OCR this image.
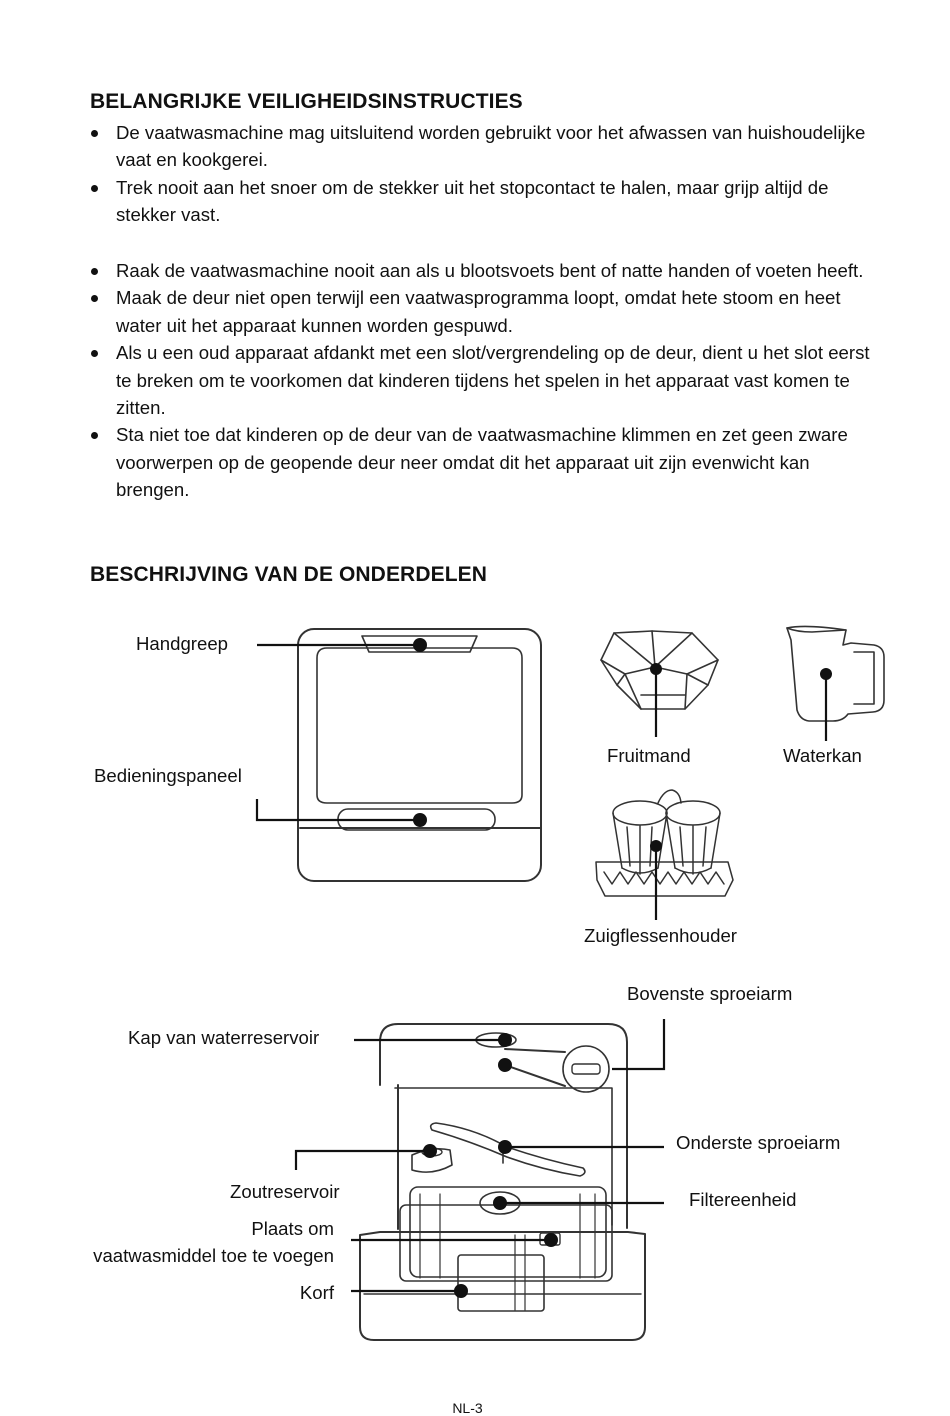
BELANGRIJKE VEILIGHEIDSINSTRUCTIES
De vaatwasmachine mag uitsluitend worden gebruikt voor het afwassen van huishoudelijke vaat en kookgerei.
Trek nooit aan het snoer om de stekker uit het stopcontact te halen, maar grijp altijd de stekker vast.
Raak de vaatwasmachine nooit aan als u blootsvoets bent of natte handen of voeten heeft.
Maak de deur niet open terwijl een vaatwasprogramma loopt, omdat hete stoom en heet water uit het apparaat kunnen worden gespuwd.
Als u een oud apparaat afdankt met een slot/vergrendeling op de deur, dient u het slot eerst te breken om te voorkomen dat kinderen tijdens het spelen in het apparaat vast komen te zitten.
Sta niet toe dat kinderen op de deur van de vaatwasmachine klimmen en zet geen zware voorwerpen op de geopende deur neer omdat dit het apparaat uit zijn evenwicht kan brengen.
BESCHRIJVING VAN DE ONDERDELEN
Handgreep
Bedieningspaneel
Fruitmand	Waterkan
Zuigflessenhouder
Bovenste sproeiarm
Kap van waterreservoir
Onderste sproeiarm
Zoutreservoir	Filtereenheid
Plaats om
vaatwasmiddel toe te voegen
Korf
NL-3
